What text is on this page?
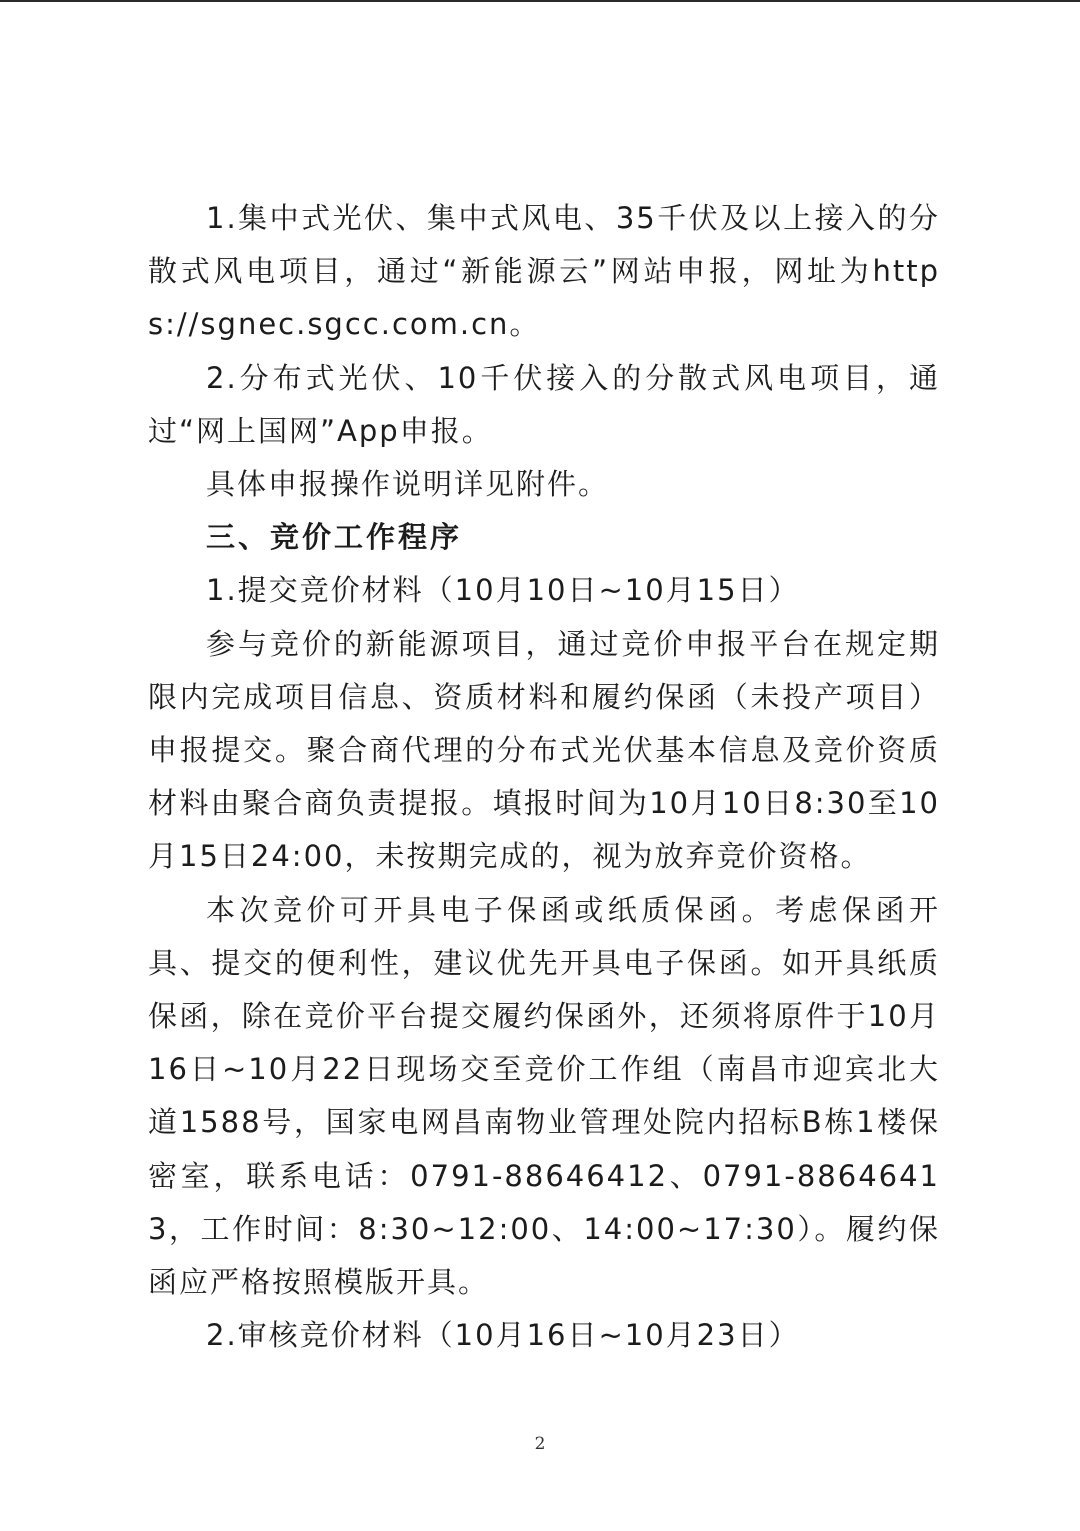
1.集中式光伏、集中式风电、35千伏及以上接入的分散式风电项目，通过“新能源云”网站申报，网址为https://sgnec.sgcc.com.cn。

2.分布式光伏、10千伏接入的分散式风电项目，通过“网上国网”App申报。

具体申报操作说明详见附件。

三、竞价工作程序

1.提交竞价材料（10月10日~10月15日）

参与竞价的新能源项目，通过竞价申报平台在规定期限内完成项目信息、资质材料和履约保函（未投产项目）申报提交。聚合商代理的分布式光伏基本信息及竞价资质材料由聚合商负责提报。填报时间为10月10日8:30至10月15日24:00，未按期完成的，视为放弃竞价资格。

本次竞价可开具电子保函或纸质保函。考虑保函开具、提交的便利性，建议优先开具电子保函。如开具纸质保函，除在竞价平台提交履约保函外，还须将原件于10月16日~10月22日现场交至竞价工作组（南昌市迎宾北大道1588号，国家电网昌南物业管理处院内招标B栋1楼保密室，联系电话：0791-88646412、0791-88646413，工作时间：8:30~12:00、14:00~17:30）。履约保函应严格按照模版开具。

2.审核竞价材料（10月16日~10月23日）

2
